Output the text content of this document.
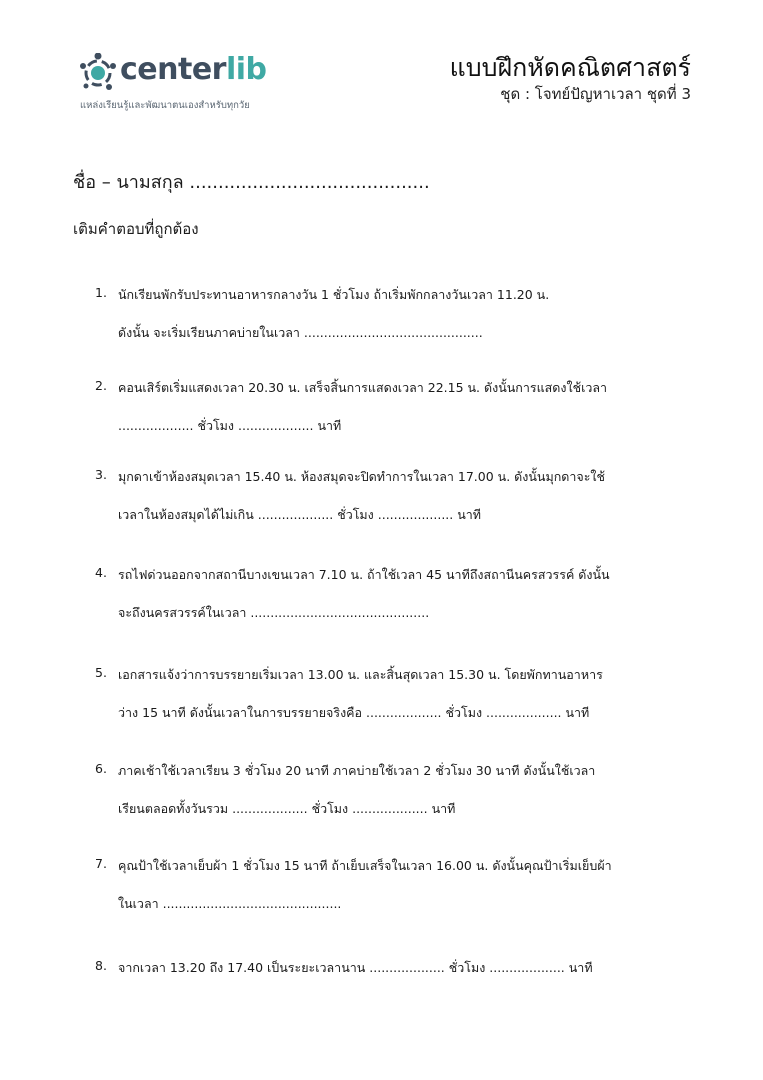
centerlib
แหล่งเรียนรู้และพัฒนาตนเองสำหรับทุกวัย
แบบฝึกหัดคณิตศาสตร์
ชุด : โจทย์ปัญหาเวลา ชุดที่ 3
ชื่อ – นามสกุล ..........................................
เติมคำตอบที่ถูกต้อง
1. นักเรียนพักรับประทานอาหารกลางวัน 1 ชั่วโมง ถ้าเริ่มพักกลางวันเวลา 11.20 น.
ดังนั้น จะเริ่มเรียนภาคบ่ายในเวลา .............................................
2. คอนเสิร์ตเริ่มแสดงเวลา 20.30 น. เสร็จสิ้นการแสดงเวลา 22.15 น. ดังนั้นการแสดงใช้เวลา
................... ชั่วโมง ................... นาที
3. มุกดาเข้าห้องสมุดเวลา 15.40 น. ห้องสมุดจะปิดทำการในเวลา 17.00 น. ดังนั้นมุกดาจะใช้
เวลาในห้องสมุดได้ไม่เกิน ................... ชั่วโมง ................... นาที
4. รถไฟด่วนออกจากสถานีบางเขนเวลา 7.10 น. ถ้าใช้เวลา 45 นาทีถึงสถานีนครสวรรค์ ดังนั้น
จะถึงนครสวรรค์ในเวลา .............................................
5. เอกสารแจ้งว่าการบรรยายเริ่มเวลา 13.00 น. และสิ้นสุดเวลา 15.30 น. โดยพักทานอาหาร
ว่าง 15 นาที ดังนั้นเวลาในการบรรยายจริงคือ ................... ชั่วโมง ................... นาที
6. ภาคเช้าใช้เวลาเรียน 3 ชั่วโมง 20 นาที ภาคบ่ายใช้เวลา 2 ชั่วโมง 30 นาที ดังนั้นใช้เวลา
เรียนตลอดทั้งวันรวม ................... ชั่วโมง ................... นาที
7. คุณป้าใช้เวลาเย็บผ้า 1 ชั่วโมง 15 นาที ถ้าเย็บเสร็จในเวลา 16.00 น. ดังนั้นคุณป้าเริ่มเย็บผ้า
ในเวลา .............................................
8. จากเวลา 13.20 ถึง 17.40 เป็นระยะเวลานาน ................... ชั่วโมง ................... นาที
